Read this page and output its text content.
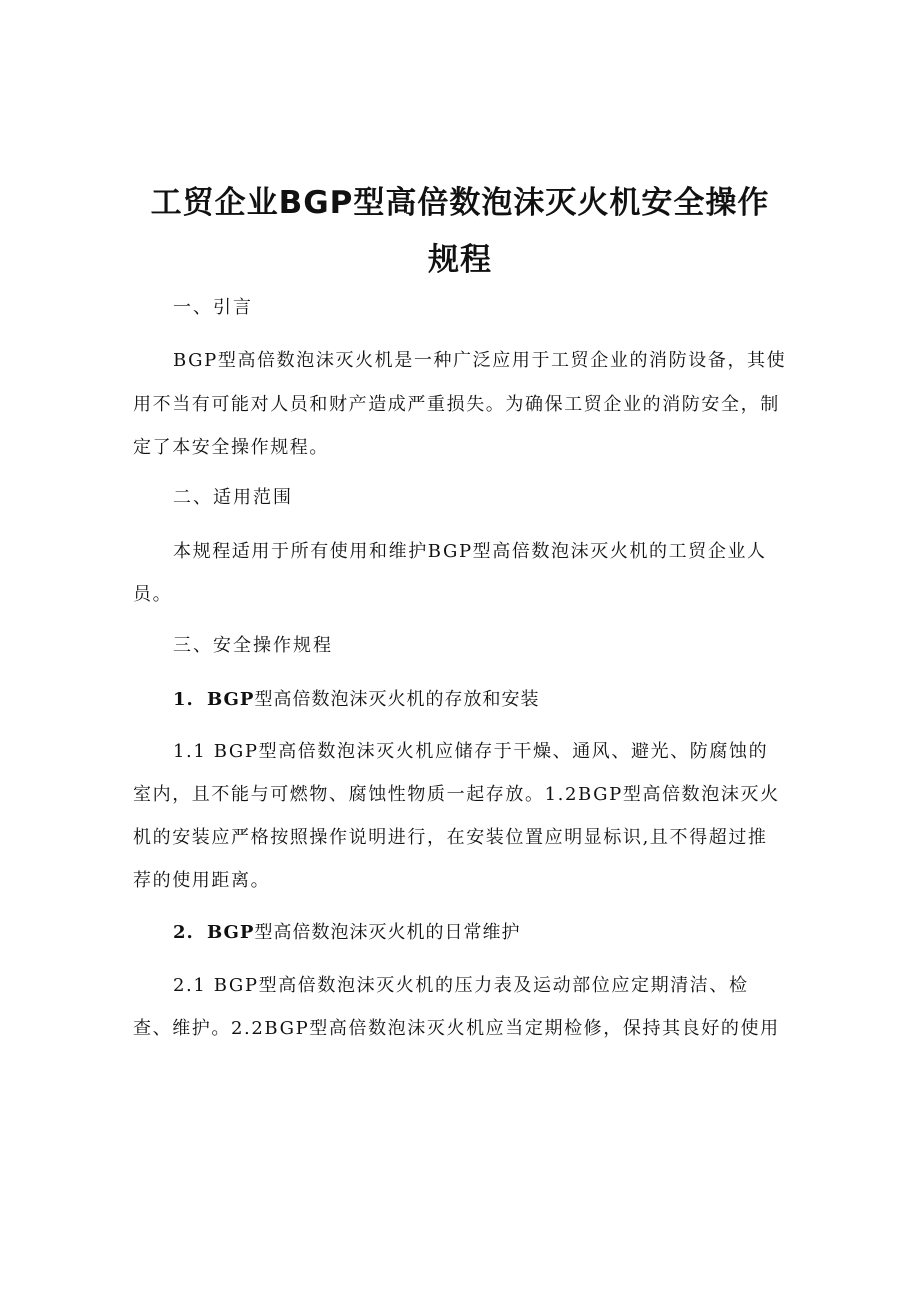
工贸企业BGP型高倍数泡沫灭火机安全操作
规程

一、引言

BGP型高倍数泡沫灭火机是一种广泛应用于工贸企业的消防设备，其使

用不当有可能对人员和财产造成严重损失。为确保工贸企业的消防安全，制

定了本安全操作规程。

二、适用范围

本规程适用于所有使用和维护BGP型高倍数泡沫灭火机的工贸企业人

员。

三、安全操作规程

1. BGP型高倍数泡沫灭火机的存放和安装

1.1 BGP型高倍数泡沫灭火机应储存于干燥、通风、避光、防腐蚀的

室内，且不能与可燃物、腐蚀性物质一起存放。1.2BGP型高倍数泡沫灭火

机的安装应严格按照操作说明进行，在安装位置应明显标识,且不得超过推

荐的使用距离。

2. BGP型高倍数泡沫灭火机的日常维护

2.1 BGP型高倍数泡沫灭火机的压力表及运动部位应定期清洁、检

查、维护。2.2BGP型高倍数泡沫灭火机应当定期检修，保持其良好的使用
